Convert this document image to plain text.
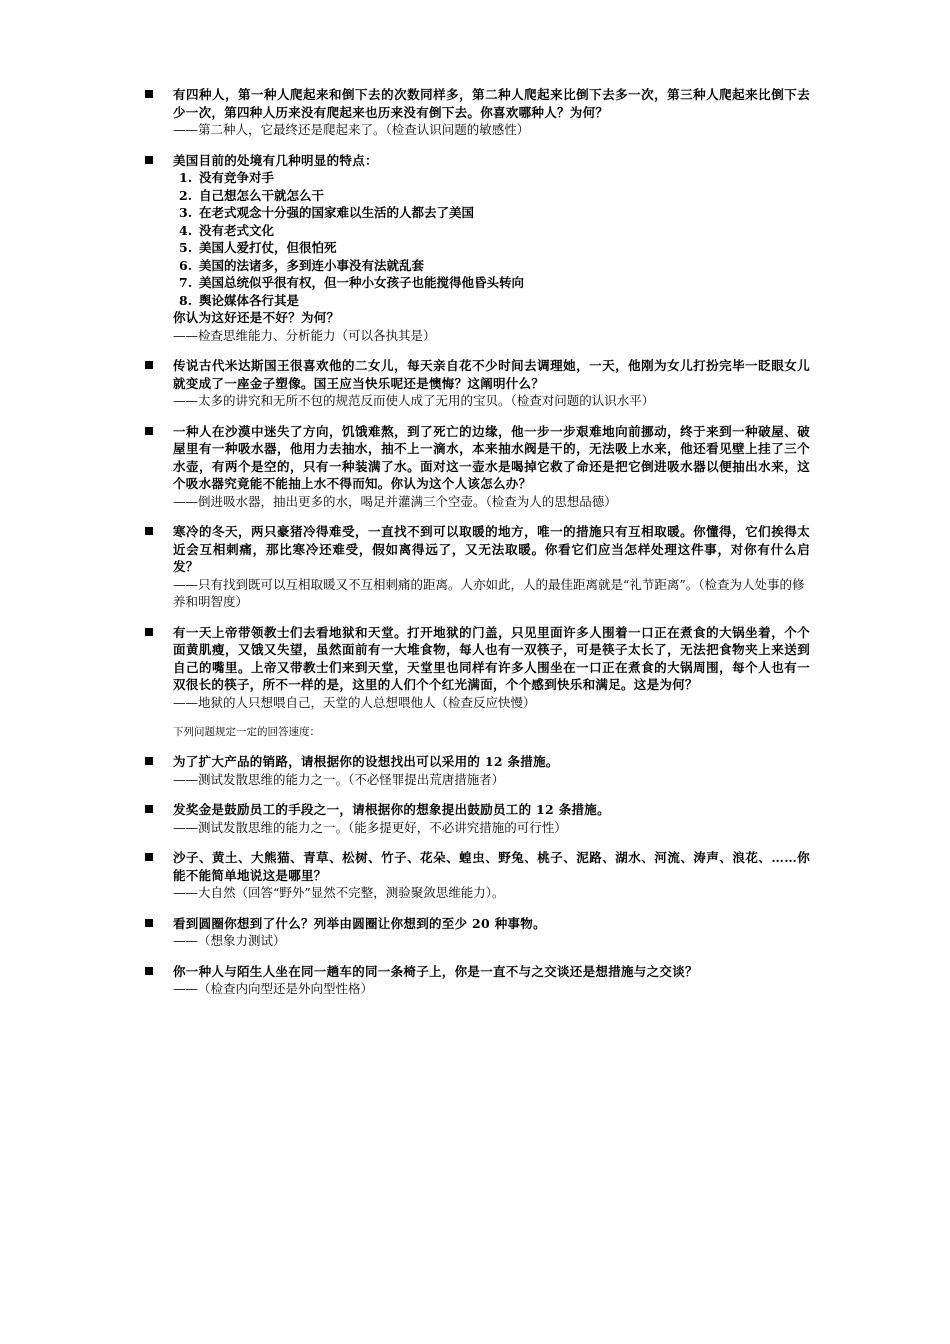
有四种人，第一种人爬起来和倒下去的次数同样多，第二种人爬起来比倒下去多一次，第三种人爬起来比倒下去少一次，第四种人历来没有爬起来也历来没有倒下去。你喜欢哪种人？为何？
——第二种人，它最终还是爬起来了。（检查认识问题的敏感性）
美国目前的处境有几种明显的特点：
1. 没有竞争对手
2. 自己想怎么干就怎么干
3. 在老式观念十分强的国家难以生活的人都去了美国
4. 没有老式文化
5. 美国人爱打仗，但很怕死
6. 美国的法诸多，多到连小事没有法就乱套
7. 美国总统似乎很有权，但一种小女孩子也能搅得他昏头转向
8. 舆论媒体各行其是
你认为这好还是不好？为何？
——检查思维能力、分析能力（可以各执其是）
传说古代米达斯国王很喜欢他的二女儿，每天亲自花不少时间去调理她，一天，他刚为女儿打扮完毕一眨眼女儿就变成了一座金子塑像。国王应当快乐呢还是懊悔？这阐明什么？
——太多的讲究和无所不包的规范反而使人成了无用的宝贝。（检查对问题的认识水平）
一种人在沙漠中迷失了方向，饥饿难熬，到了死亡的边缘，他一步一步艰难地向前挪动，终于来到一种破屋、破屋里有一种吸水器，他用力去抽水，抽不上一滴水，本来抽水阀是干的，无法吸上水来，他还看见壁上挂了三个水壶，有两个是空的，只有一种装满了水。面对这一壶水是喝掉它救了命还是把它倒进吸水器以便抽出水来，这个吸水器究竟能不能抽上水不得而知。你认为这个人该怎么办？
——倒进吸水器，抽出更多的水，喝足并灌满三个空壶。（检查为人的思想品德）
寒冷的冬天，两只豪猪冷得难受，一直找不到可以取暖的地方，唯一的措施只有互相取暖。你懂得，它们挨得太近会互相刺痛，那比寒冷还难受，假如离得远了，又无法取暖。你看它们应当怎样处理这件事，对你有什么启发？
——只有找到既可以互相取暖又不互相刺痛的距离。人亦如此，人的最佳距离就是“礼节距离”。（检查为人处事的修养和明智度）
有一天上帝带领教士们去看地狱和天堂。打开地狱的门盖，只见里面许多人围着一口正在煮食的大锅坐着，个个面黄肌瘦，又饿又失望，虽然面前有一大堆食物，每人也有一双筷子，可是筷子太长了，无法把食物夹上来送到自己的嘴里。上帝又带教士们来到天堂，天堂里也同样有许多人围坐在一口正在煮食的大锅周围，每个人也有一双很长的筷子，所不一样的是，这里的人们个个红光满面，个个感到快乐和满足。这是为何？
——地狱的人只想喂自己，天堂的人总想喂他人（检查反应快慢）
下列问题规定一定的回答速度：
为了扩大产品的销路，请根据你的设想找出可以采用的 12 条措施。
——测试发散思维的能力之一。（不必怪罪提出荒唐措施者）
发奖金是鼓励员工的手段之一，请根据你的想象提出鼓励员工的 12 条措施。
——测试发散思维的能力之一。（能多提更好，不必讲究措施的可行性）
沙子、黄土、大熊猫、青草、松树、竹子、花朵、蝗虫、野兔、桃子、泥路、湖水、河流、涛声、浪花、……你能不能简单地说这是哪里？
——大自然（回答“野外”显然不完整，测验聚敛思维能力）。
看到圆圈你想到了什么？列举由圆圈让你想到的至少 20 种事物。
——（想象力测试）
你一种人与陌生人坐在同一趟车的同一条椅子上，你是一直不与之交谈还是想措施与之交谈？
——（检查内向型还是外向型性格）
